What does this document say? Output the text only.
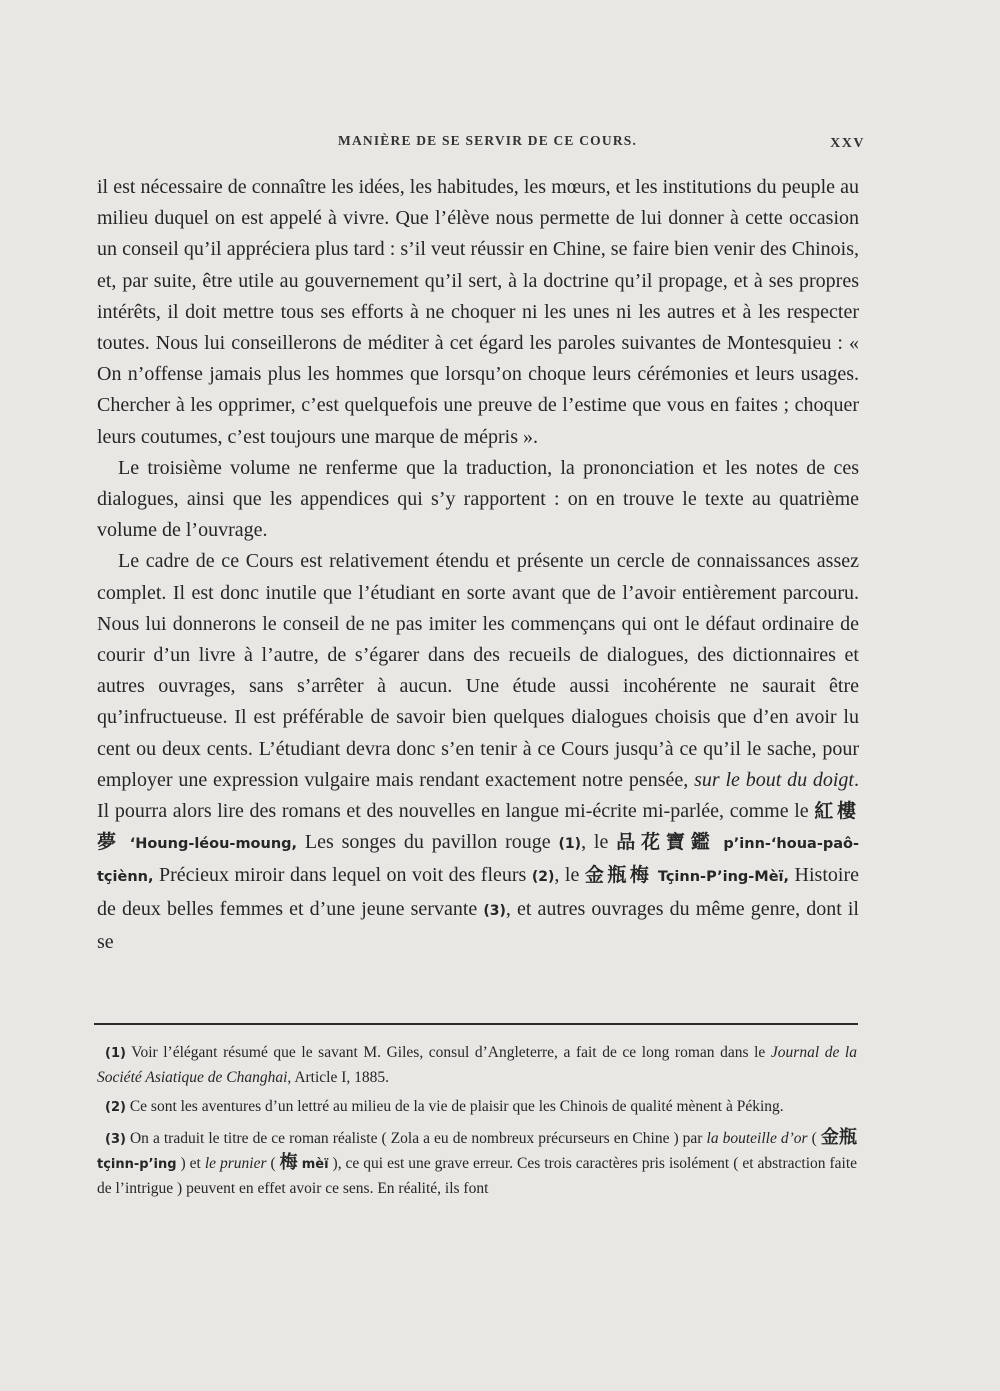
MANIÈRE DE SE SERVIR DE CE COURS.	XXV

il est nécessaire de connaître les idées, les habitudes, les mœurs, et les institutions du peuple au milieu duquel on est appelé à vivre. Que l’élève nous permette de lui donner à cette occasion un conseil qu’il appréciera plus tard : s’il veut réussir en Chine, se faire bien venir des Chinois, et, par suite, être utile au gouvernement qu’il sert, à la doctrine qu’il propage, et à ses propres intérêts, il doit mettre tous ses efforts à ne choquer ni les unes ni les autres et à les respecter toutes. Nous lui conseillerons de méditer à cet égard les paroles suivantes de Montesquieu : « On n’offense jamais plus les hommes que lorsqu’on choque leurs cérémonies et leurs usages. Chercher à les opprimer, c’est quelquefois une preuve de l’estime que vous en faites ; choquer leurs coutumes, c’est toujours une marque de mépris ».

Le troisième volume ne renferme que la traduction, la prononciation et les notes de ces dialogues, ainsi que les appendices qui s’y rapportent : on en trouve le texte au quatrième volume de l’ouvrage.

Le cadre de ce Cours est relativement étendu et présente un cercle de connaissances assez complet. Il est donc inutile que l’étudiant en sorte avant que de l’avoir entièrement parcouru. Nous lui donnerons le conseil de ne pas imiter les commençans qui ont le défaut ordinaire de courir d’un livre à l’autre, de s’égarer dans des recueils de dialogues, des dictionnaires et autres ouvrages, sans s’arrêter à aucun. Une étude aussi incohérente ne saurait être qu’infructueuse. Il est préférable de savoir bien quelques dialogues choisis que d’en avoir lu cent ou deux cents. L’étudiant devra donc s’en tenir à ce Cours jusqu’à ce qu’il le sache, pour employer une expression vulgaire mais rendant exactement notre pensée, sur le bout du doigt. Il pourra alors lire des romans et des nouvelles en langue mi-écrite mi-parlée, comme le 紅樓夢 ‘Houng-léou-moung, Les songes du pavillon rouge (1), le 品花寶鑑 p’inn-‘houa-paô-tçiènn, Précieux miroir dans lequel on voit des fleurs (2), le 金瓶梅 Tçinn-P’ing-Mèï, Histoire de deux belles femmes et d’une jeune servante (3), et autres ouvrages du même genre, dont il se

(1) Voir l’élégant résumé que le savant M. Giles, consul d’Angleterre, a fait de ce long roman dans le Journal de la Société Asiatique de Changhai, Article I, 1885.

(2) Ce sont les aventures d’un lettré au milieu de la vie de plaisir que les Chinois de qualité mènent à Péking.

(3) On a traduit le titre de ce roman réaliste ( Zola a eu de nombreux précurseurs en Chine ) par la bouteille d’or ( 金瓶 tçinn-p’ing ) et le prunier ( 梅 mèï ), ce qui est une grave erreur. Ces trois caractères pris isolément ( et abstraction faite de l’intrigue ) peuvent en effet avoir ce sens. En réalité, ils font
